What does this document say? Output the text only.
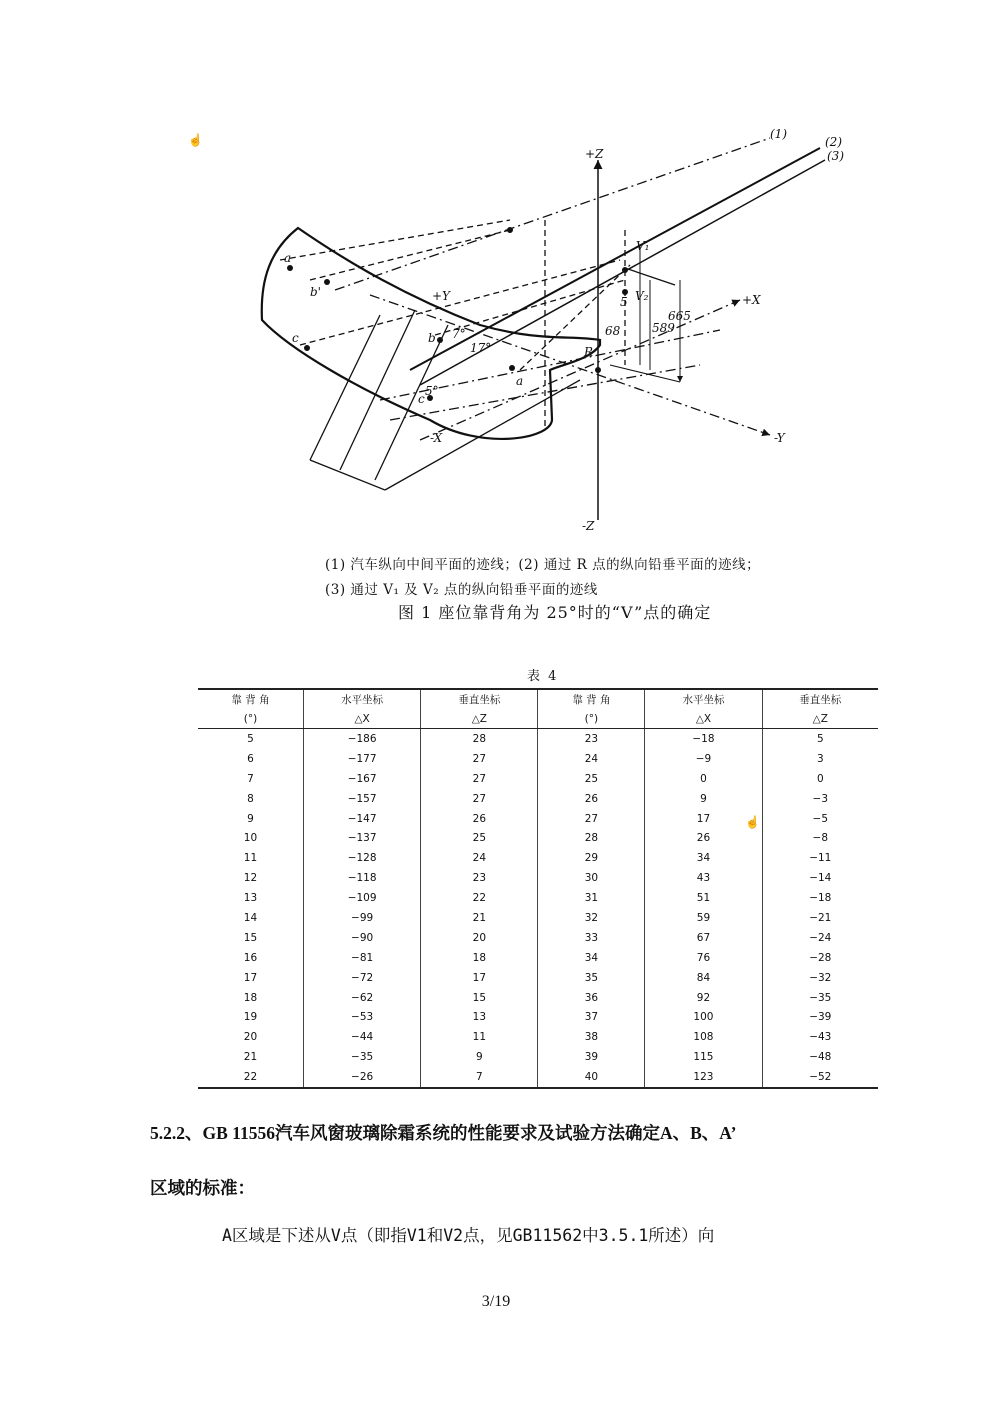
☝
☝
+Z
-Z
+X
-X
+Y
-Y
(1)
(2)
(3)
V₁
V₂
R
a
b'
c
a
b
c
7°
17°
5°
5
68	589
665
(1) 汽车纵向中间平面的迹线；(2) 通过 R 点的纵向铅垂平面的迹线；
(3) 通过 V₁ 及 V₂ 点的纵向铅垂平面的迹线
图 1 座位靠背角为 25°时的“V”点的确定
表 4
靠 背 角	水平坐标	垂直坐标	靠 背 角	水平坐标	垂直坐标
(°)	△X	△Z	(°)	△X	△Z
5	−186	28	23	−18	5
6	−177	27	24	−9	3
7	−167	27	25	0	0
8	−157	27	26	9	−3
9	−147	26	27	17	−5
10	−137	25	28	26	−8
11	−128	24	29	34	−11
12	−118	23	30	43	−14
13	−109	22	31	51	−18
14	−99	21	32	59	−21
15	−90	20	33	67	−24
16	−81	18	34	76	−28
17	−72	17	35	84	−32
18	−62	15	36	92	−35
19	−53	13	37	100	−39
20	−44	11	38	108	−43
21	−35	9	39	115	−48
22	−26	7	40	123	−52
5.2.2、GB 11556汽车风窗玻璃除霜系统的性能要求及试验方法确定A、B、A’
区域的标准：
A区域是下述从V点（即指V1和V2点，见GB11562中3.5.1所述）向
3/19
